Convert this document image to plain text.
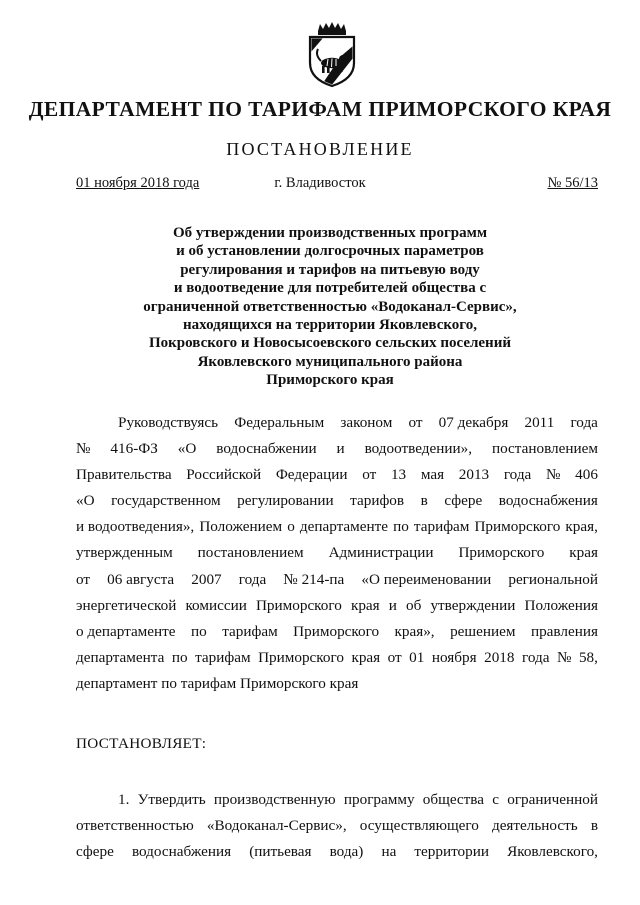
ДЕПАРТАМЕНТ ПО ТАРИФАМ ПРИМОРСКОГО КРАЯ
ПОСТАНОВЛЕНИЕ
01 ноября 2018 года	г. Владивосток	№ 56/13
Об утверждении производственных программ
и об установлении долгосрочных параметров
регулирования и тарифов на питьевую воду
и водоотведение для потребителей общества с
ограниченной ответственностью «Водоканал-Сервис»,
находящихся на территории Яковлевского,
Покровского и Новосысоевского сельских поселений
Яковлевского муниципального района
Приморского края
Руководствуясь Федеральным законом от 07 декабря 2011 года
№ 416-ФЗ «О водоснабжении и водоотведении», постановлением
Правительства Российской Федерации от 13 мая 2013 года № 406
«О государственном регулировании тарифов в сфере водоснабжения
и водоотведения», Положением о департаменте по тарифам Приморского края,
утвержденным постановлением Администрации Приморского края
от 06 августа 2007 года № 214-па «О переименовании региональной
энергетической комиссии Приморского края и об утверждении Положения
о департаменте по тарифам Приморского края», решением правления
департамента по тарифам Приморского края от 01 ноября 2018 года № 58,
департамент по тарифам Приморского края
ПОСТАНОВЛЯЕТ:
1. Утвердить производственную программу общества с ограниченной
ответственностью «Водоканал-Сервис», осуществляющего деятельность в
сфере водоснабжения (питьевая вода) на территории Яковлевского,
